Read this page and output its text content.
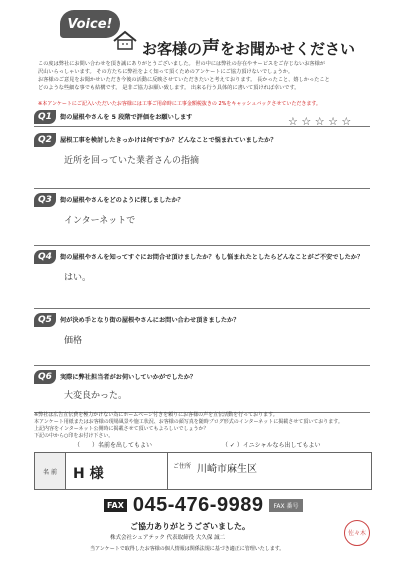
Voice!
お客様の声をお聞かせください

この度は弊社にお問い合わせを頂き誠にありがとうございました。 世の中には弊社の存在やサービスをご存じないお客様が

沢山いらっしゃいます。 その方たちに弊社をよく知って頂くためのアンケートにご協力頂けないでしょうか。

お客様のご意見をお聞かせいただき今後の活動に反映させていただきたいと考えております。 長かったこと、嬉しかったこと

どのような些細な事でも結構です。 是非ご協力お願い致します。 出来る行う具体的に書いて頂ければ幸いです。

※本アンケートにご記入いただいたお客様には工事ご用命時に工事金額税抜きの 2%をキャッシュバックさせていただきます。
Q1	街の屋根やさんを 5 段階で評価をお願いします	☆ ☆ ☆ ☆ ☆
Q2	屋根工事を検討したきっかけは何ですか？どんなことで悩まれていましたか？
近所を回っていた業者さんの指摘
Q3	街の屋根やさんをどのように探しましたか？
インターネットで
Q4	街の屋根やさんを知ってすぐにお問合せ頂けましたか？もし悩まれたとしたらどんなことがご不安でしたか？
はい。
Q5	何が決め手となり街の屋根やさんにお問い合わせ頂きましたか？
価格
Q6	実際に弊社担当者がお伺いしていかがでしたか？
大変良かった。
※弊社は広告宣伝費を極力かけない為にホームページ付きを頼りにお客様の声を宣伝活動を行っております。
本アンケート用紙またはお客様の現場風景や施工状況、お客様の顔写真を随時ブログ形式のインターネットに掲載させて頂いております。
上記内容をインターネット公開時に掲載させて頂いてもよろしいでしょうか？
下記の中から○印をお付け下さい。
（　　）名前を出してもよい	（ ✓ ）イニシャルなら出してもよい
名 前	H 様	ご住所 川崎市麻生区
FAX 045-476-9989	FAX 番号
ご協力ありがとうございました。
株式会社シェアテック 代表取締役 大久保 誠二
当アンケートで取得したお客様の個人情報は関係法規に基づき適正に管理いたします。
佐々木
